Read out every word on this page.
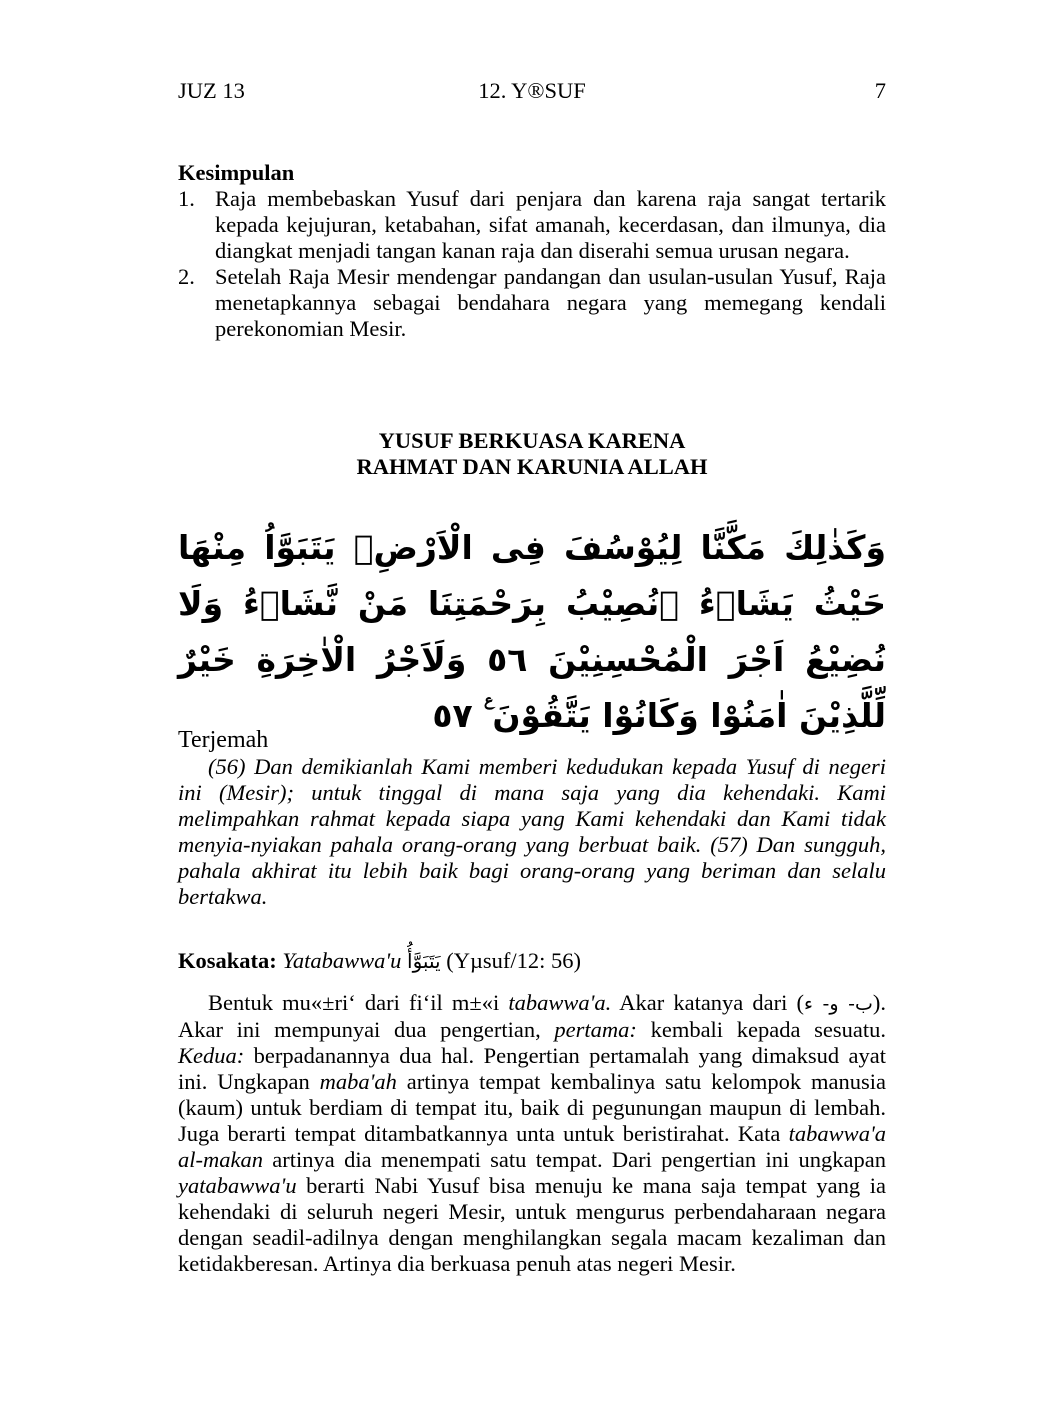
JUZ 13	12. Y®SUF	7
Kesimpulan
1. Raja membebaskan Yusuf dari penjara dan karena raja sangat tertarik kepada kejujuran, ketabahan, sifat amanah, kecerdasan, dan ilmunya, dia diangkat menjadi tangan kanan raja dan diserahi semua urusan negara.
2. Setelah Raja Mesir mendengar pandangan dan usulan-usulan Yusuf, Raja menetapkannya sebagai bendahara negara yang memegang kendali perekonomian Mesir.
YUSUF BERKUASA KARENA
RAHMAT DAN KARUNIA ALLAH
وَكَذٰلِكَ مَكَّنَّا لِيُوْسُفَ فِى الْاَرْضِۚ يَتَبَوَّاُ مِنْهَا حَيْثُ يَشَاۤءُ ۗنُصِيْبُ بِرَحْمَتِنَا مَنْ نَّشَاۤءُ وَلَا نُضِيْعُ اَجْرَ الْمُحْسِنِيْنَ ٥٦ وَلَاَجْرُ الْاٰخِرَةِ خَيْرٌ لِّلَّذِيْنَ اٰمَنُوْا وَكَانُوْا يَتَّقُوْنَ ࣖ ٥٧
Terjemah

(56) Dan demikianlah Kami memberi kedudukan kepada Yusuf di negeri ini (Mesir); untuk tinggal di mana saja yang dia kehendaki. Kami melimpahkan rahmat kepada siapa yang Kami kehendaki dan Kami tidak menyia-nyiakan pahala orang-orang yang berbuat baik. (57) Dan sungguh, pahala akhirat itu lebih baik bagi orang-orang yang beriman dan selalu bertakwa.

Kosakata: Yatabawwa'u يَتَبَوَّأُ (Yµsuf/12: 56)

Bentuk mu«±ri‘ dari fi‘il m±«i tabawwa'a. Akar katanya dari (ب- و- ء). Akar ini mempunyai dua pengertian, pertama: kembali kepada sesuatu. Kedua: berpadanannya dua hal. Pengertian pertamalah yang dimaksud ayat ini. Ungkapan maba'ah artinya tempat kembalinya satu kelompok manusia (kaum) untuk berdiam di tempat itu, baik di pegunungan maupun di lembah. Juga berarti tempat ditambatkannya unta untuk beristirahat. Kata tabawwa'a al-makan artinya dia menempati satu tempat. Dari pengertian ini ungkapan yatabawwa'u berarti Nabi Yusuf bisa menuju ke mana saja tempat yang ia kehendaki di seluruh negeri Mesir, untuk mengurus perbendaharaan negara dengan seadil-adilnya dengan menghilangkan segala macam kezaliman dan ketidakberesan. Artinya dia berkuasa penuh atas negeri Mesir.
